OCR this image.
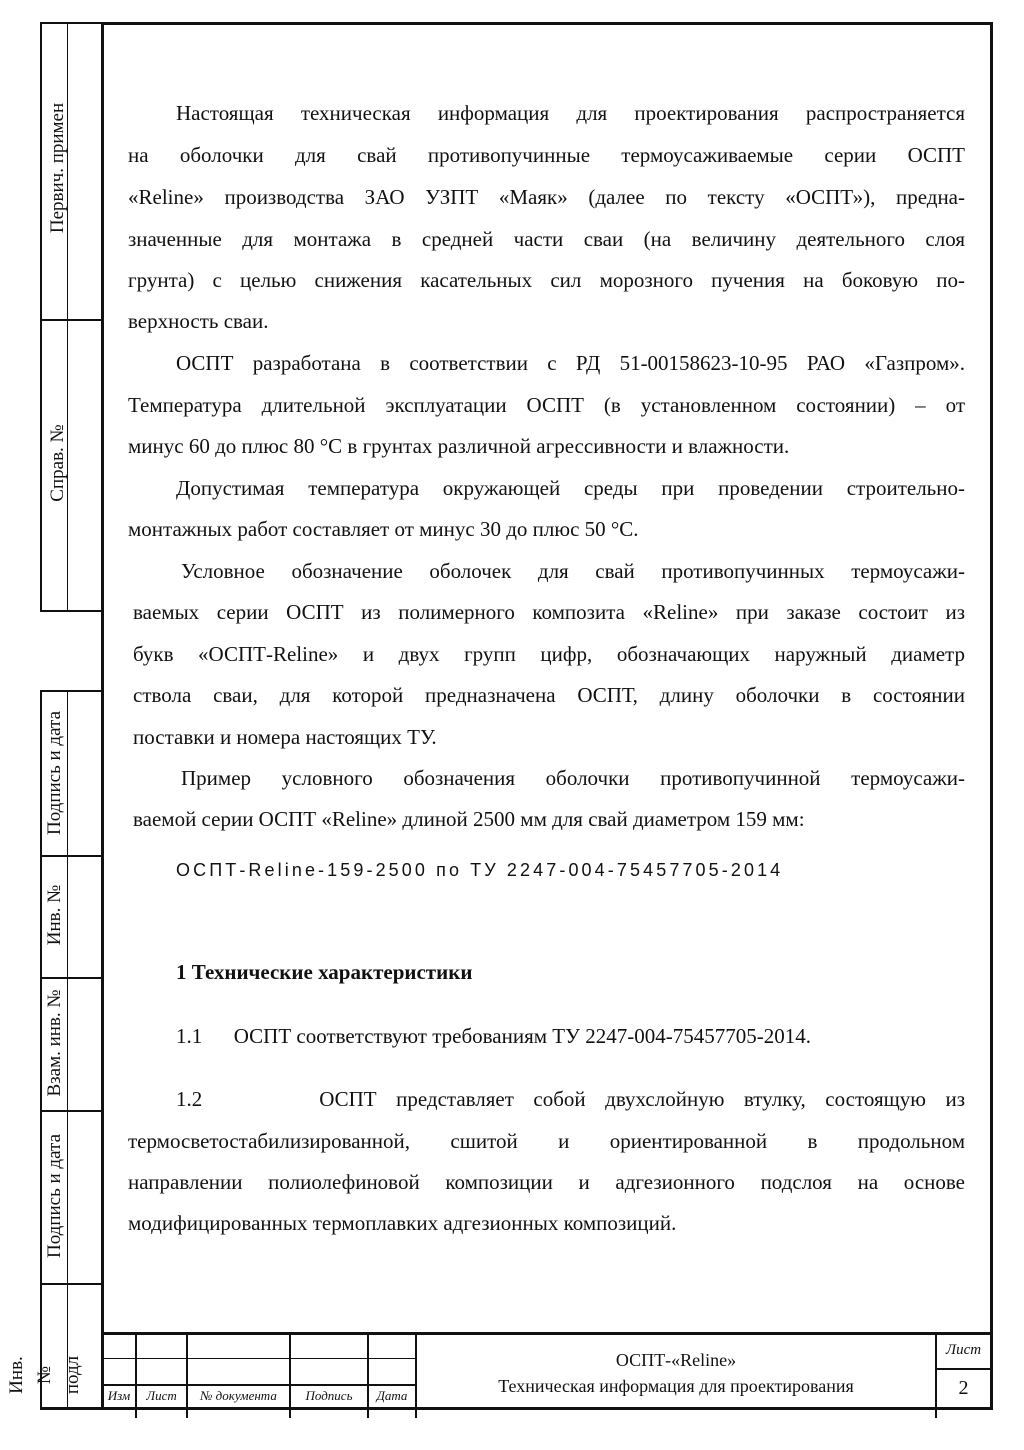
Первич. примен
Справ. №
Подпись и дата
Инв. №
Взам. инв. №
Подпись и дата
Инв. № подл
Настоящая техническая информация для проектирования распространяется
на оболочки для свай противопучинные термоусаживаемые серии ОСПТ
«Reline» производства ЗАО УЗПТ «Маяк» (далее по тексту «ОСПТ»), предна-
значенные для монтажа в средней части сваи (на величину деятельного слоя
грунта) с целью снижения касательных сил морозного пучения на боковую по-
верхность сваи.
ОСПТ разработана в соответствии с РД 51-00158623-10-95 РАО «Газпром».
Температура длительной эксплуатации ОСПТ (в установленном состоянии) – от
минус 60 до плюс 80 °С в грунтах различной агрессивности и влажности.
Допустимая температура окружающей среды при проведении строительно-
монтажных работ составляет от минус 30 до плюс 50 °С.
Условное обозначение оболочек для свай противопучинных термоусажи-
ваемых серии ОСПТ из полимерного композита «Reline» при заказе состоит из
букв «ОСПТ-Reline» и двух групп цифр, обозначающих наружный диаметр
ствола сваи, для которой предназначена ОСПТ, длину оболочки в состоянии
поставки и номера настоящих ТУ.
Пример условного обозначения оболочки противопучинной термоусажи-
ваемой серии ОСПТ «Reline» длиной 2500 мм для свай диаметром 159 мм:
ОСПТ-Reline-159-2500 по ТУ 2247-004-75457705-2014
1 Технические характеристики
1.1      ОСПТ соответствуют требованиям ТУ 2247-004-75457705-2014.
1.2      ОСПТ представляет собой двухслойную втулку, состоящую из
термосветостабилизированной, сшитой и ориентированной в продольном
направлении полиолефиновой композиции и адгезионного подслоя на основе
модифицированных термоплавких адгезионных композиций.
Изм	Лист	№ документа	Подпись	Дата
ОСПТ-«Reline»
Техническая информация для проектирования
Лист
2
